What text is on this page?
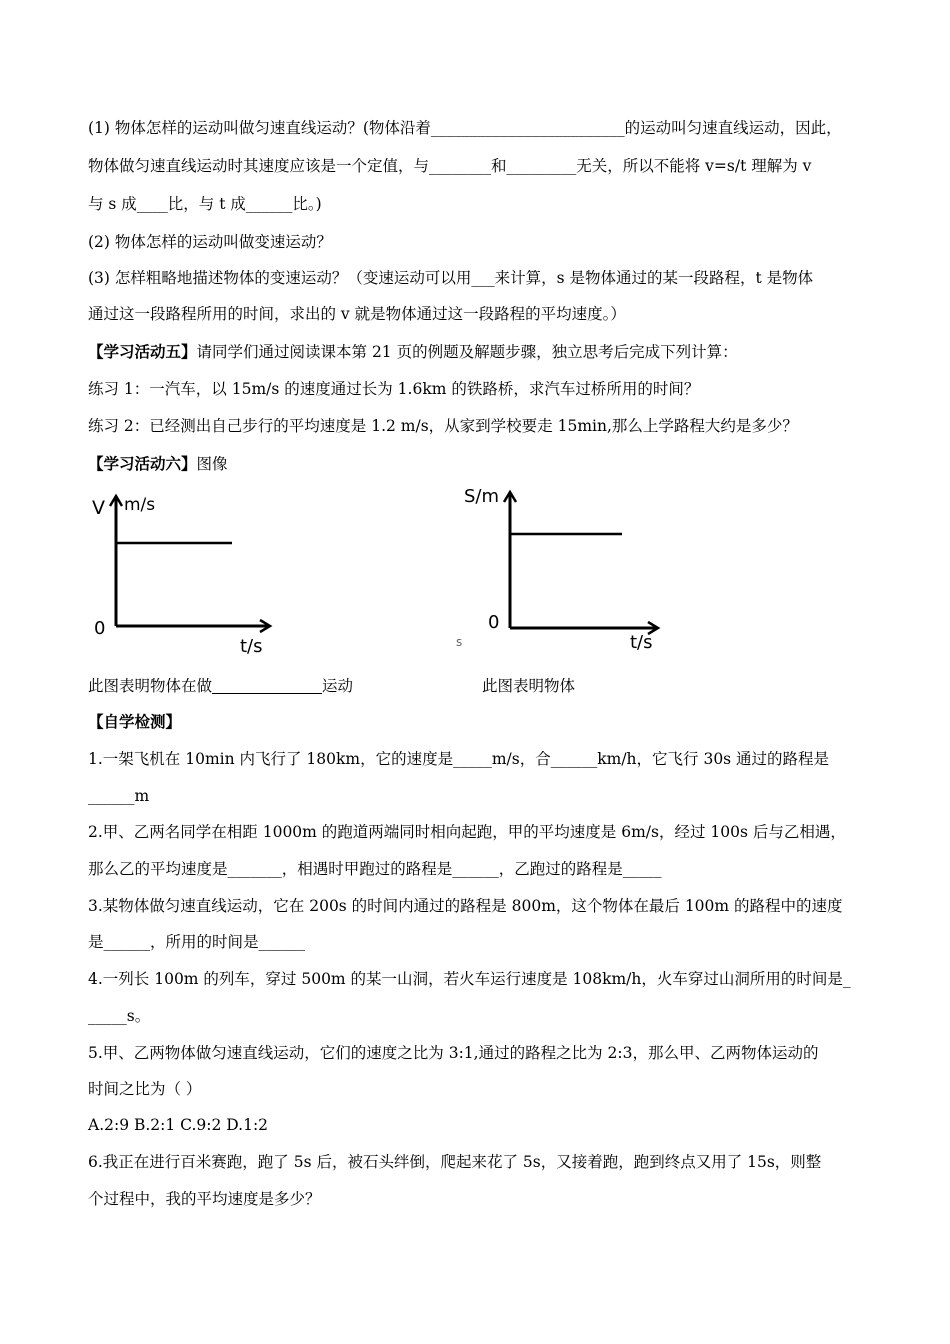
(1) 物体怎样的运动叫做匀速直线运动？(物体沿着_________________________的运动叫匀速直线运动，因此，
物体做匀速直线运动时其速度应该是一个定值，与________和_________无关，所以不能将 v=s/t 理解为 v
与 s 成____比，与 t 成______比。)
(2) 物体怎样的运动叫做变速运动？
(3) 怎样粗略地描述物体的变速运动？（变速运动可以用___来计算，s 是物体通过的某一段路程，t 是物体
通过这一段路程所用的时间，求出的 v 就是物体通过这一段路程的平均速度。）
【学习活动五】请同学们通过阅读课本第 21 页的例题及解题步骤，独立思考后完成下列计算：
练习 1：一汽车，以 15m/s 的速度通过长为 1.6km 的铁路桥，求汽车过桥所用的时间？
练习 2：已经测出自己步行的平均速度是 1.2 m/s，从家到学校要走 15min,那么上学路程大约是多少？
【学习活动六】图像
V m/s
0
t/s
S/m
0
t/s
s
此图表明物体在做	运动	此图表明物体
【自学检测】
1.一架飞机在 10min 内飞行了 180km，它的速度是_____m/s，合______km/h，它飞行 30s 通过的路程是
______m
2.甲、乙两名同学在相距 1000m 的跑道两端同时相向起跑，甲的平均速度是 6m/s，经过 100s 后与乙相遇，
那么乙的平均速度是_______，相遇时甲跑过的路程是______，乙跑过的路程是_____
3.某物体做匀速直线运动，它在 200s 的时间内通过的路程是 800m，这个物体在最后 100m 的路程中的速度
是______，所用的时间是______
4.一列长 100m 的列车，穿过 500m 的某一山洞，若火车运行速度是 108km/h，火车穿过山洞所用的时间是_
_____s。
5.甲、乙两物体做匀速直线运动，它们的速度之比为 3:1,通过的路程之比为 2:3，那么甲、乙两物体运动的
时间之比为（ ）
A.2:9 B.2:1 C.9:2 D.1:2
6.我正在进行百米赛跑，跑了 5s 后，被石头绊倒，爬起来花了 5s，又接着跑，跑到终点又用了 15s，则整
个过程中，我的平均速度是多少？
